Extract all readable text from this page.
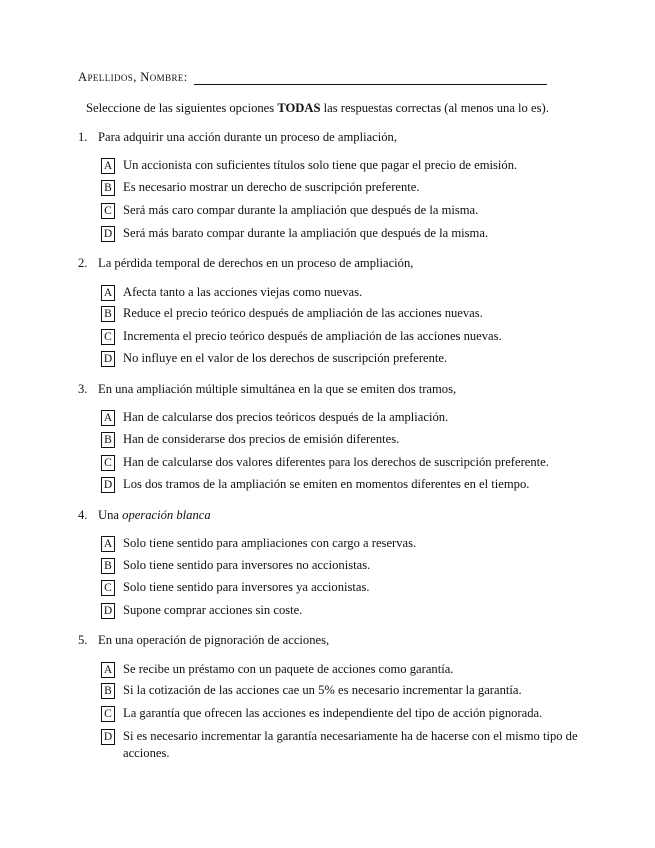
Apellidos, Nombre:
Seleccione de las siguientes opciones TODAS las respuestas correctas (al menos una lo es).
1. Para adquirir una acción durante un proceso de ampliación,
A Un accionista con suficientes títulos solo tiene que pagar el precio de emisión.
B Es necesario mostrar un derecho de suscripción preferente.
C Será más caro compar durante la ampliación que después de la misma.
D Será más barato compar durante la ampliación que después de la misma.
2. La pérdida temporal de derechos en un proceso de ampliación,
A Afecta tanto a las acciones viejas como nuevas.
B Reduce el precio teórico después de ampliación de las acciones nuevas.
C Incrementa el precio teórico después de ampliación de las acciones nuevas.
D No influye en el valor de los derechos de suscripción preferente.
3. En una ampliación múltiple simultánea en la que se emiten dos tramos,
A Han de calcularse dos precios teóricos después de la ampliación.
B Han de considerarse dos precios de emisión diferentes.
C Han de calcularse dos valores diferentes para los derechos de suscripción preferente.
D Los dos tramos de la ampliación se emiten en momentos diferentes en el tiempo.
4. Una operación blanca
A Solo tiene sentido para ampliaciones con cargo a reservas.
B Solo tiene sentido para inversores no accionistas.
C Solo tiene sentido para inversores ya accionistas.
D Supone comprar acciones sin coste.
5. En una operación de pignoración de acciones,
A Se recibe un préstamo con un paquete de acciones como garantía.
B Si la cotización de las acciones cae un 5% es necesario incrementar la garantía.
C La garantía que ofrecen las acciones es independiente del tipo de acción pignorada.
D Si es necesario incrementar la garantía necesariamente ha de hacerse con el mismo tipo de acciones.
